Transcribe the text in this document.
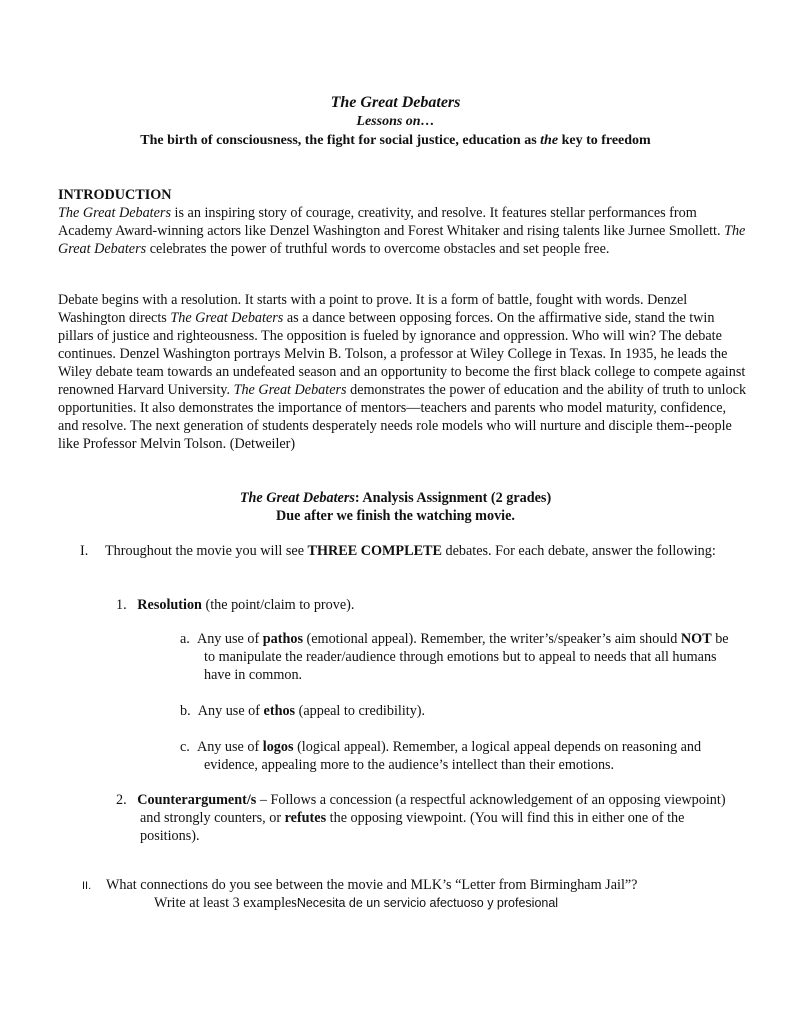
The Great Debaters
Lessons on…
The birth of consciousness, the fight for social justice, education as the key to freedom
INTRODUCTION
The Great Debaters is an inspiring story of courage, creativity, and resolve. It features stellar performances from Academy Award-winning actors like Denzel Washington and Forest Whitaker and rising talents like Jurnee Smollett. The Great Debaters celebrates the power of truthful words to overcome obstacles and set people free.
Debate begins with a resolution. It starts with a point to prove. It is a form of battle, fought with words. Denzel Washington directs The Great Debaters as a dance between opposing forces. On the affirmative side, stand the twin pillars of justice and righteousness. The opposition is fueled by ignorance and oppression. Who will win? The debate continues. Denzel Washington portrays Melvin B. Tolson, a professor at Wiley College in Texas. In 1935, he leads the Wiley debate team towards an undefeated season and an opportunity to become the first black college to compete against renowned Harvard University. The Great Debaters demonstrates the power of education and the ability of truth to unlock opportunities. It also demonstrates the importance of mentors—teachers and parents who model maturity, confidence, and resolve. The next generation of students desperately needs role models who will nurture and disciple them--people like Professor Melvin Tolson. (Detweiler)
The Great Debaters: Analysis Assignment (2 grades)
Due after we finish the watching movie.
I. Throughout the movie you will see THREE COMPLETE debates. For each debate, answer the following:
1. Resolution (the point/claim to prove).
a. Any use of pathos (emotional appeal). Remember, the writer’s/speaker’s aim should NOT be to manipulate the reader/audience through emotions but to appeal to needs that all humans have in common.
b. Any use of ethos (appeal to credibility).
c. Any use of logos (logical appeal). Remember, a logical appeal depends on reasoning and evidence, appealing more to the audience’s intellect than their emotions.
2. Counterargument/s – Follows a concession (a respectful acknowledgement of an opposing viewpoint) and strongly counters, or refutes the opposing viewpoint. (You will find this in either one of the positions).
II. What connections do you see between the movie and MLK’s “Letter from Birmingham Jail”?
Write at least 3 examplesNecesita de un servicio afectuoso y profesional
